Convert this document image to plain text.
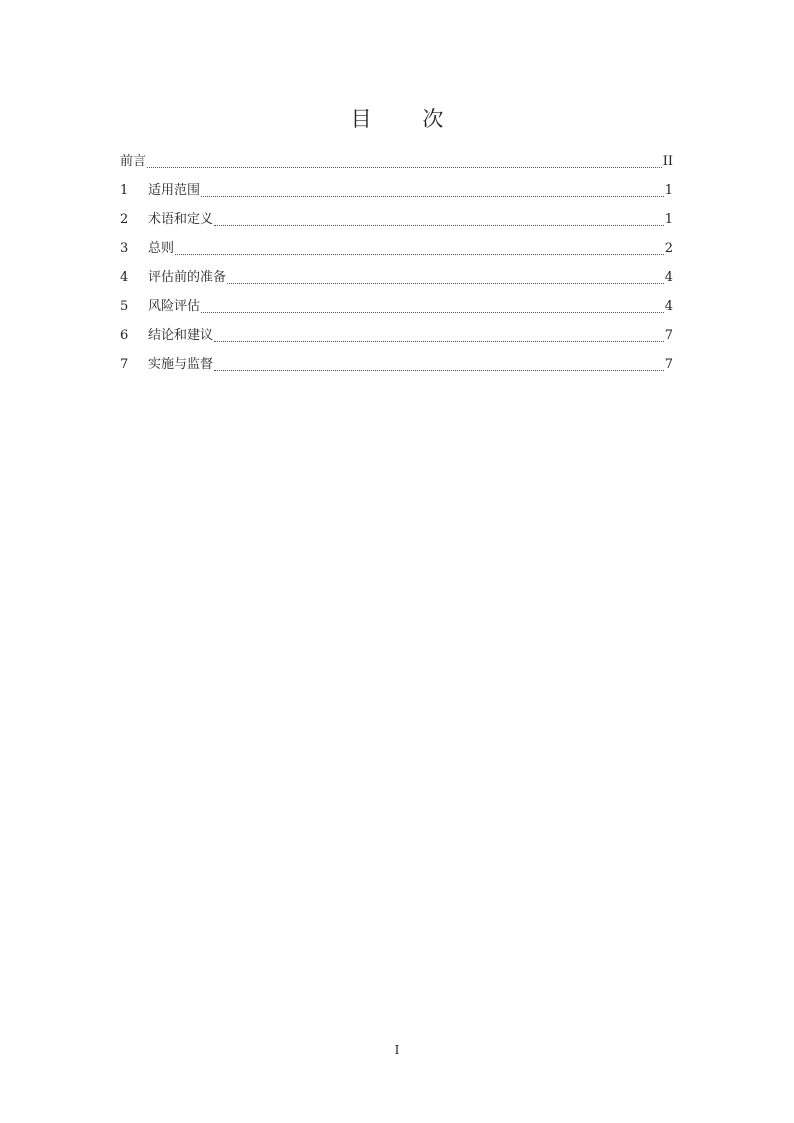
目 次
前言	II
1	适用范围	1
2	术语和定义	1
3	总则	2
4	评估前的准备	4
5	风险评估	4
6	结论和建议	7
7	实施与监督	7
I
